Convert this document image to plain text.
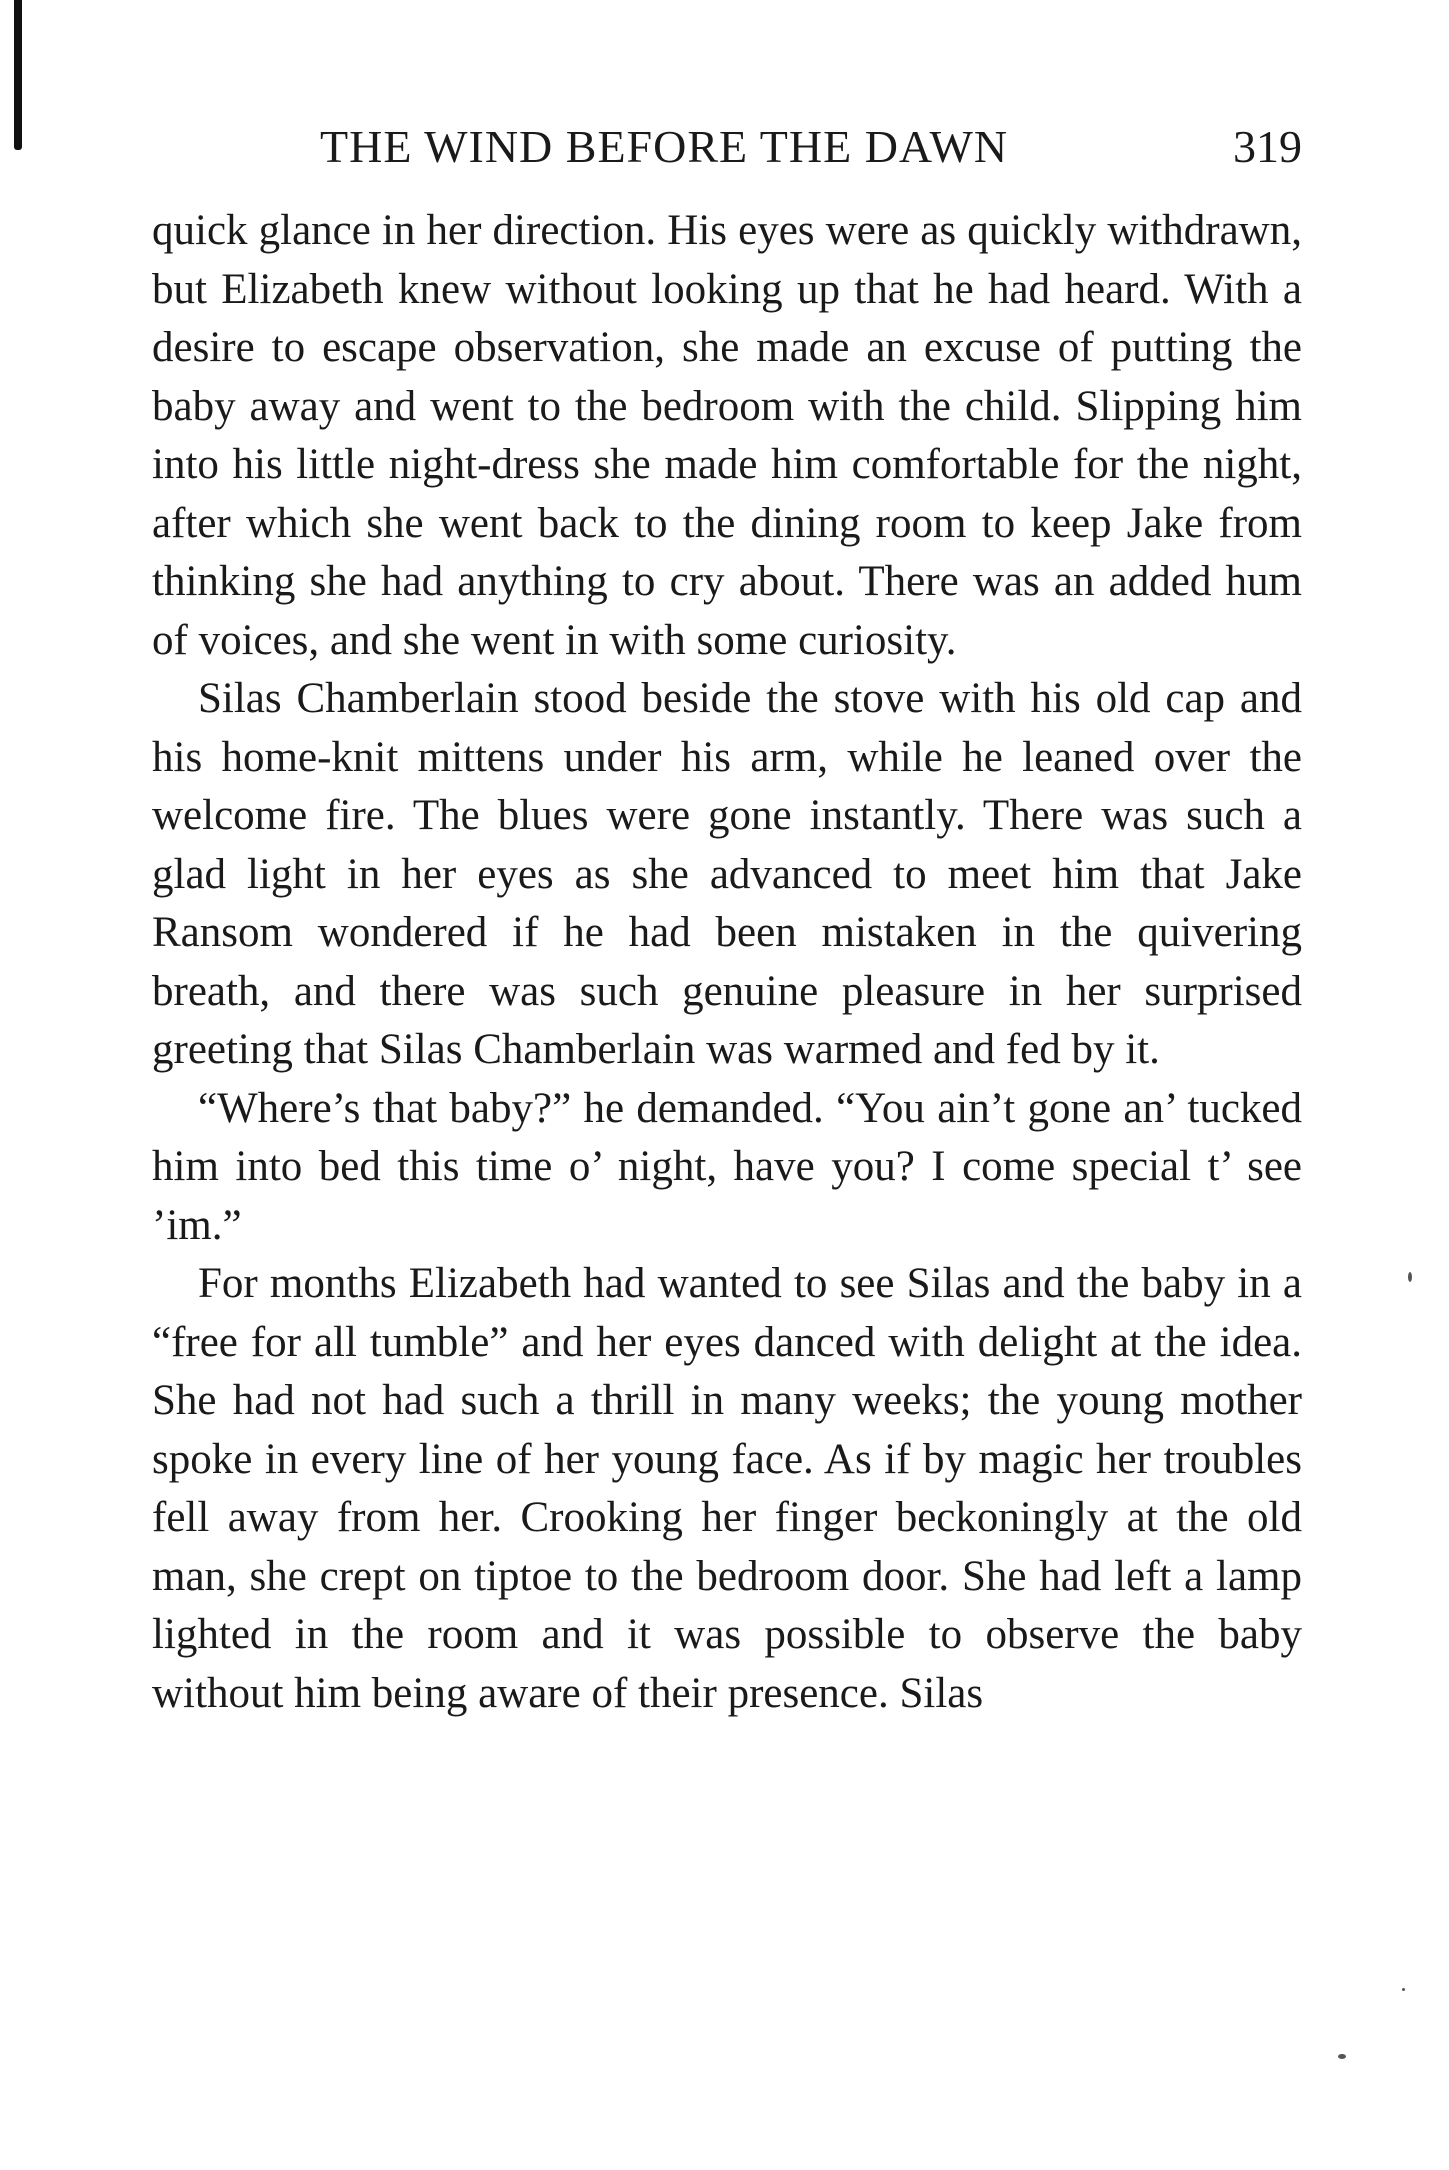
THE WIND BEFORE THE DAWN	319

quick glance in her direction. His eyes were as quickly withdrawn, but Elizabeth knew without looking up that he had heard. With a desire to escape observation, she made an excuse of putting the baby away and went to the bedroom with the child. Slipping him into his little night-dress she made him comfortable for the night, after which she went back to the dining room to keep Jake from thinking she had anything to cry about. There was an added hum of voices, and she went in with some curiosity.

Silas Chamberlain stood beside the stove with his old cap and his home-knit mittens under his arm, while he leaned over the welcome fire. The blues were gone instantly. There was such a glad light in her eyes as she advanced to meet him that Jake Ransom wondered if he had been mistaken in the quivering breath, and there was such genuine pleasure in her surprised greeting that Silas Chamberlain was warmed and fed by it.

“Where’s that baby?” he demanded. “You ain’t gone an’ tucked him into bed this time o’ night, have you? I come special t’ see ’im.”

For months Elizabeth had wanted to see Silas and the baby in a “free for all tumble” and her eyes danced with delight at the idea. She had not had such a thrill in many weeks; the young mother spoke in every line of her young face. As if by magic her troubles fell away from her. Crooking her finger beckoningly at the old man, she crept on tiptoe to the bedroom door. She had left a lamp lighted in the room and it was possible to observe the baby without him being aware of their presence. Silas
